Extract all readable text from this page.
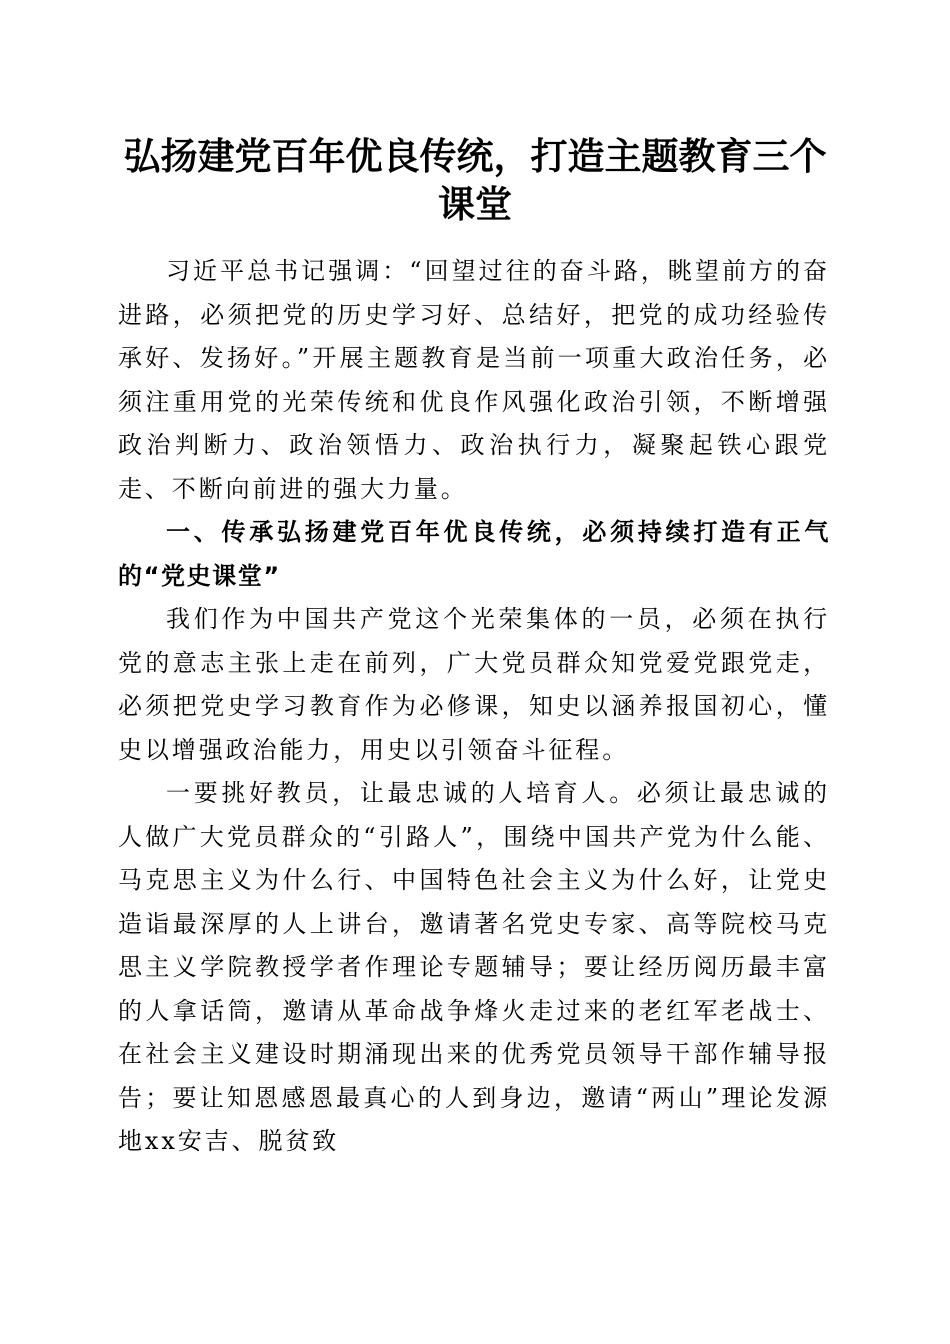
弘扬建党百年优良传统，打造主题教育三个课堂

习近平总书记强调：“回望过往的奋斗路，眺望前方的奋进路，必须把党的历史学习好、总结好，把党的成功经验传承好、发扬好。”开展主题教育是当前一项重大政治任务，必须注重用党的光荣传统和优良作风强化政治引领，不断增强政治判断力、政治领悟力、政治执行力，凝聚起铁心跟党走、不断向前进的强大力量。

一、传承弘扬建党百年优良传统，必须持续打造有正气的“党史课堂”

我们作为中国共产党这个光荣集体的一员，必须在执行党的意志主张上走在前列，广大党员群众知党爱党跟党走，必须把党史学习教育作为必修课，知史以涵养报国初心，懂史以增强政治能力，用史以引领奋斗征程。

一要挑好教员，让最忠诚的人培育人。必须让最忠诚的人做广大党员群众的“引路人”，围绕中国共产党为什么能、马克思主义为什么行、中国特色社会主义为什么好，让党史造诣最深厚的人上讲台，邀请著名党史专家、高等院校马克思主义学院教授学者作理论专题辅导；要让经历阅历最丰富的人拿话筒，邀请从革命战争烽火走过来的老红军老战士、在社会主义建设时期涌现出来的优秀党员领导干部作辅导报告；要让知恩感恩最真心的人到身边，邀请“两山”理论发源地xx安吉、脱贫致
